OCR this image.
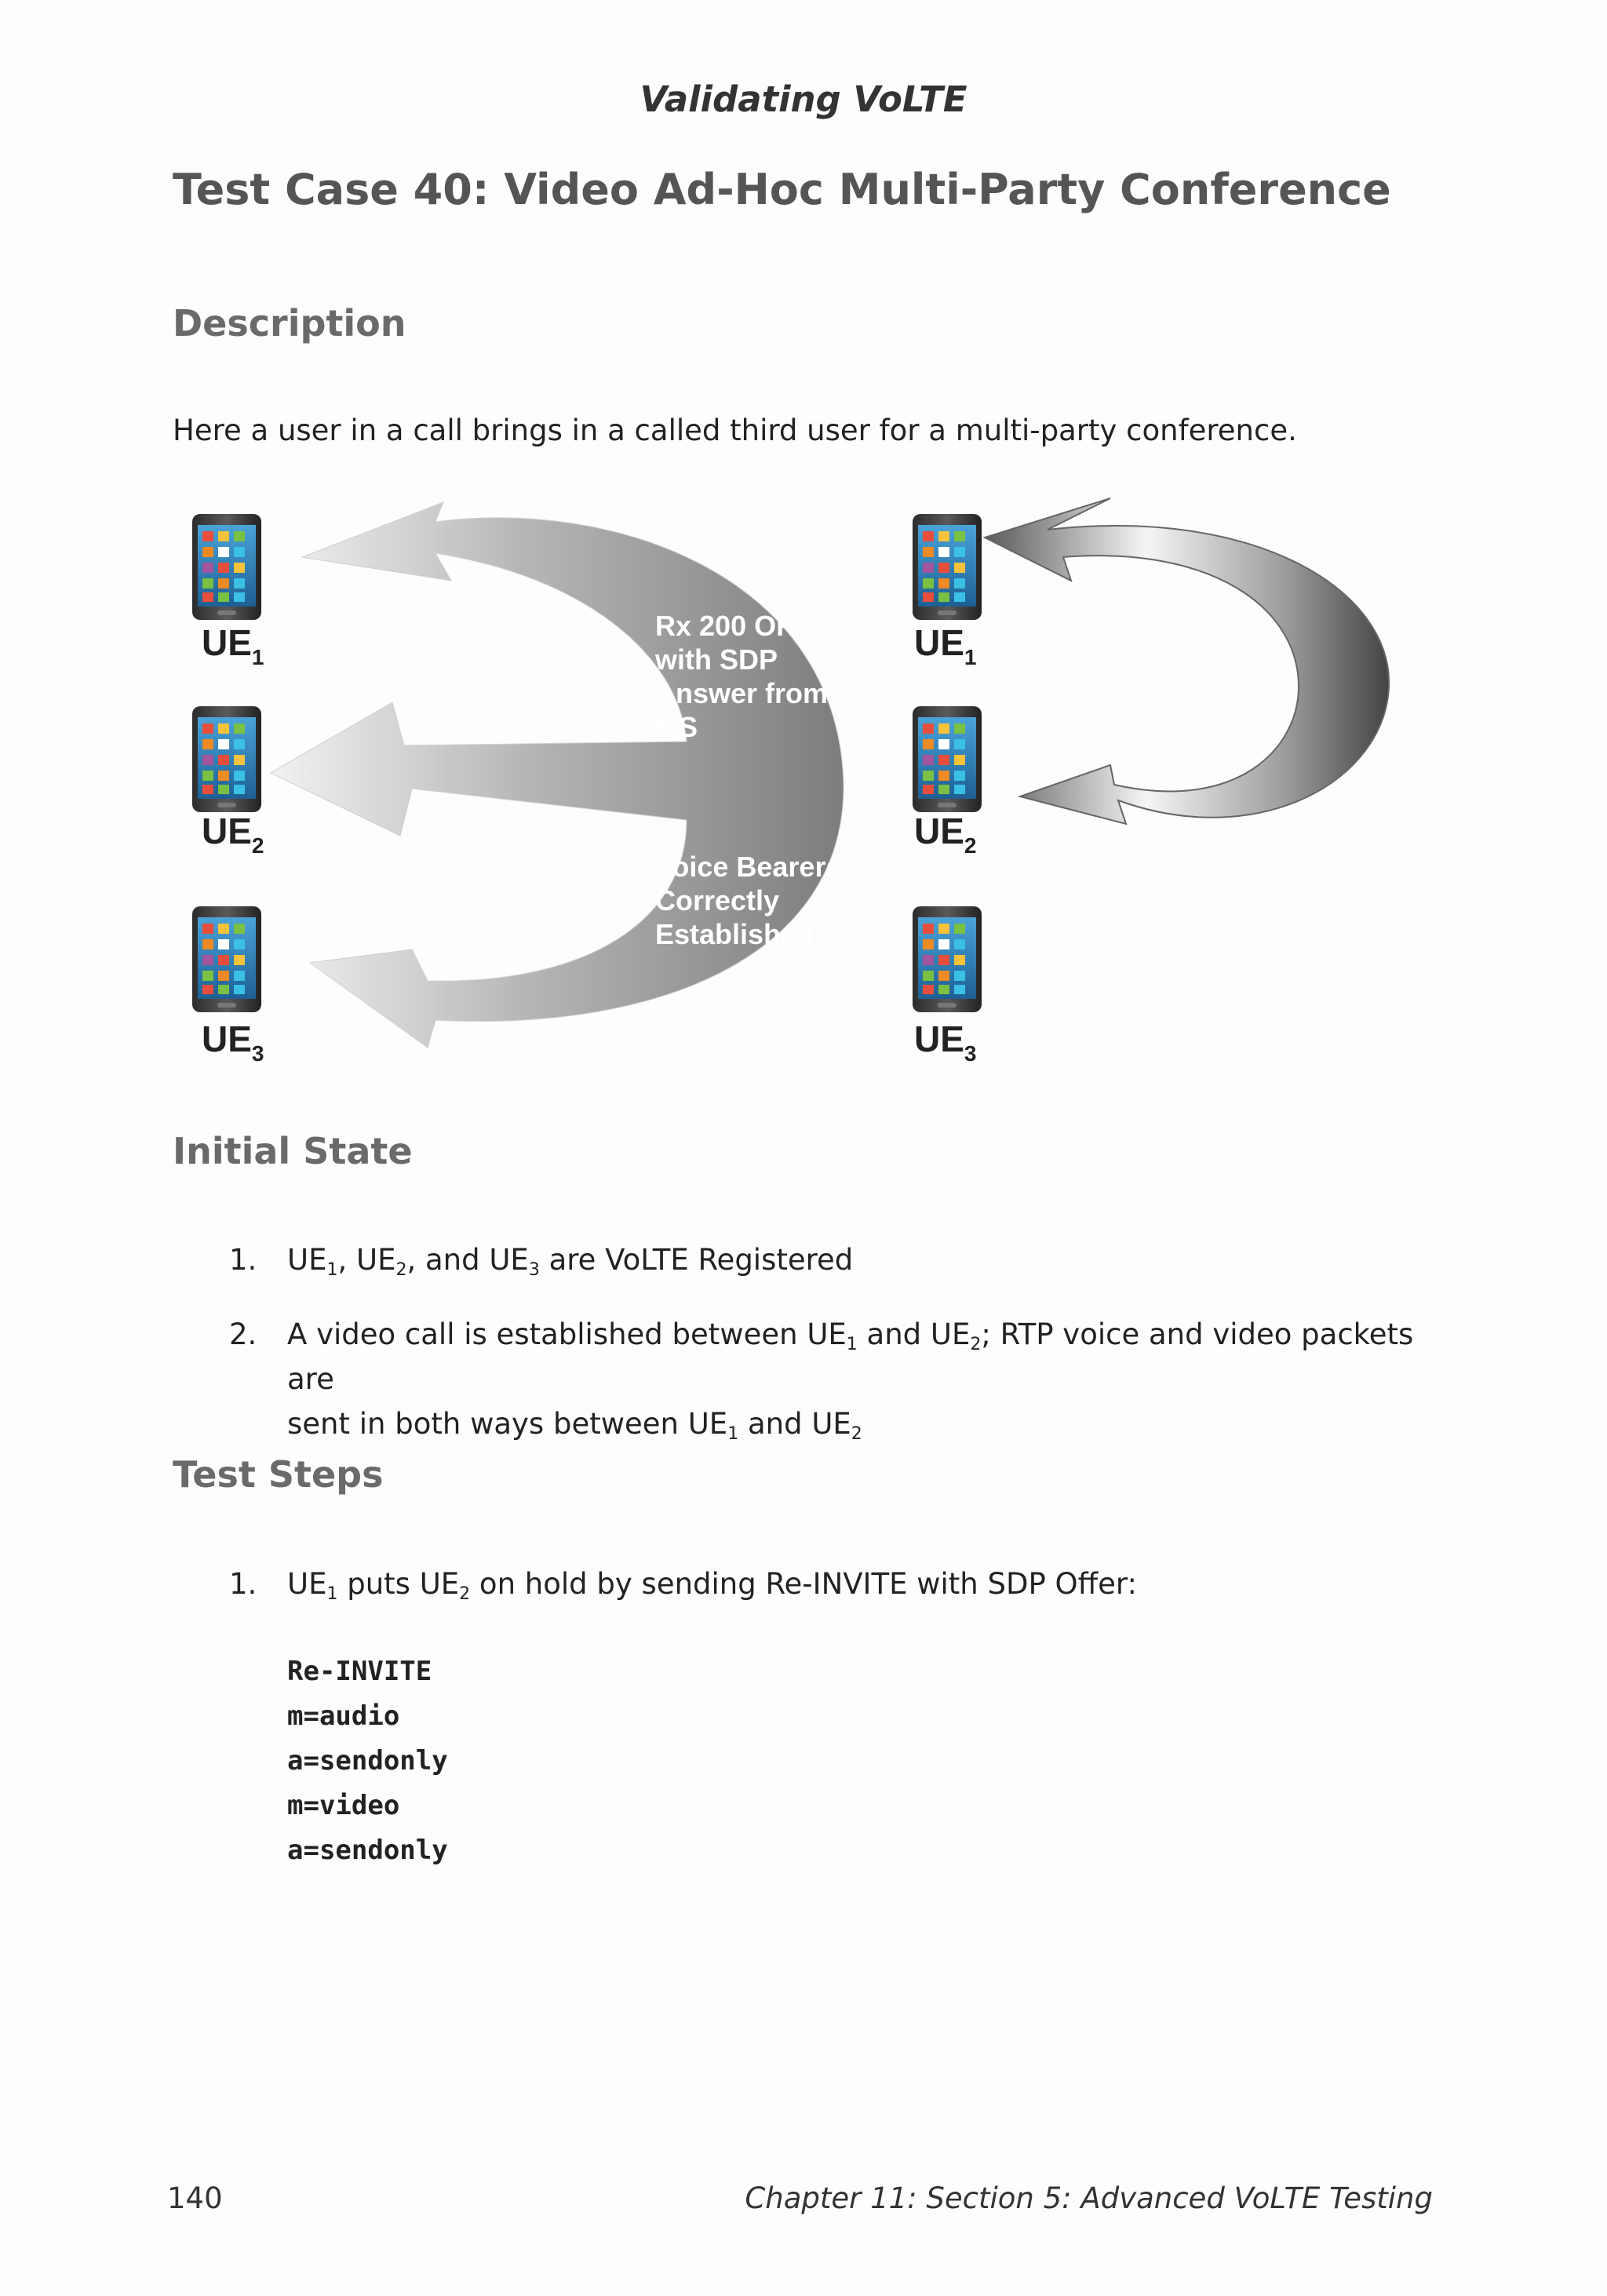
Validating VoLTE
Test Case 40: Video Ad-Hoc Multi-Party Conference
Description
Here a user in a call brings in a called third user for a multi-party conference.
$UE_1$
$UE_2$
$UE_3$
$UE_1$
$UE_2$
$UE_3$
Rx 200 OK
with SDP
Answer from
MS
Voice Bearers
Correctly
Established
Initial State
1. $UE_1$, $UE_2$, and $UE_3$ are VoLTE Registered
2. A video call is established between $UE_1$ and $UE_2$; RTP voice and video packets are
sent in both ways between $UE_1$ and $UE_2$
Test Steps
1. $UE_1$ puts $UE_2$ on hold by sending Re-INVITE with SDP Offer:
Re-INVITE
m=audio
a=sendonly
m=video
a=sendonly
140	Chapter 11: Section 5: Advanced VoLTE Testing
